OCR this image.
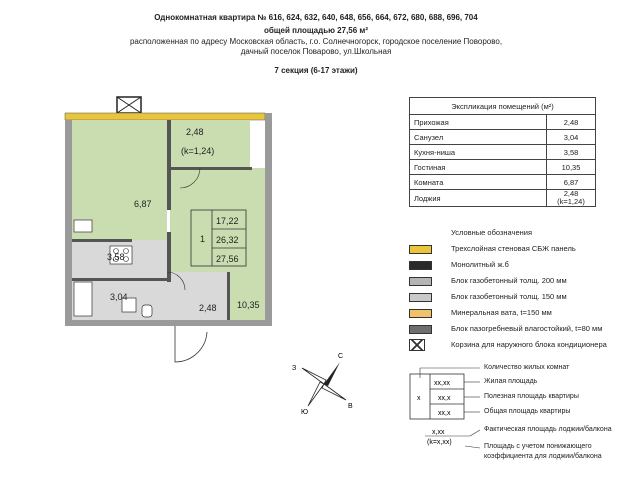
Однокомнатная квартира № 616, 624, 632, 640, 648, 656, 664, 672, 680, 688, 696, 704
общей площадью 27,56 м²
расположенная по адресу Московская область, г.о. Солнечногорск, городское поселение Поворово,
дачный поселок Поварово, ул.Школьная
7 секция (6-17 этажи)
2,48
(k=1,24)
6,87
3,58
3,04
2,48 10,35
1
17,22
26,32
27,56
Экспликация помещений (м²)	
Прихожая	2,48
Санузел	3,04
Кухня-ниша	3,58
Гостиная	10,35
Комната	6,87
Лоджия	2,48
(k=1,24)
Условные обозначения
Трехслойная стеновая СБЖ панель
Монолитный ж.б
Блок газобетонный толщ. 200 мм
Блок газобетонный толщ. 150 мм
Минеральная вата, t=150 мм
Блок пазогребневый влагостойкий, t=80 мм
Корзина для наружного блока кондиционера
С
Ю
В
З
x
xx,xx
xx,x
xx,x
x,xx
(k=x,xx)
Количество жилых комнат
Жилая площадь
Полезная площадь квартиры
Общая площадь квартиры
Фактическая площадь лоджии/балкона
Площадь с учетом понижающего
коэффициента для лоджии/балкона
